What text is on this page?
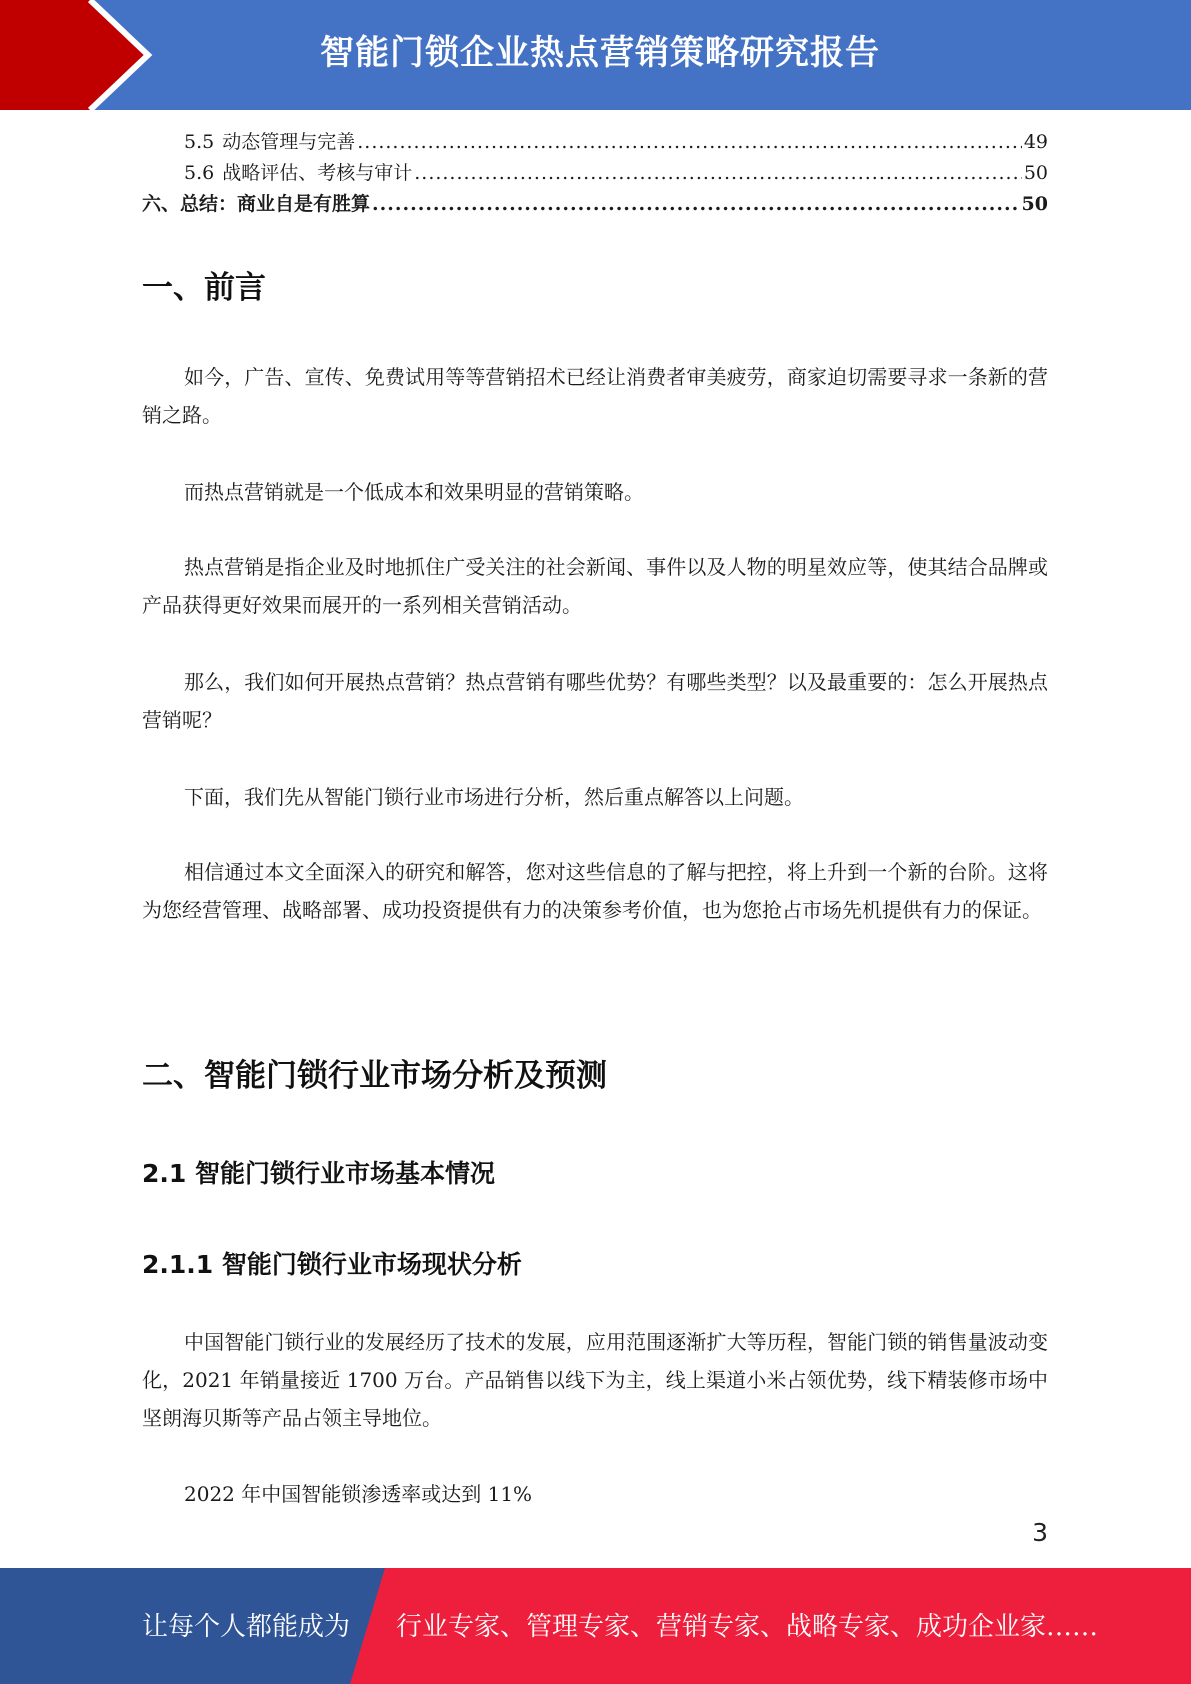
智能门锁企业热点营销策略研究报告
5.5 动态管理与完善 .....	49
5.6 战略评估、考核与审计 .....	50
六、总结：商业自是有胜算 .....	50
一、前言

如今，广告、宣传、免费试用等等营销招术已经让消费者审美疲劳，商家迫切需要寻求一条新的营销之路。

而热点营销就是一个低成本和效果明显的营销策略。

热点营销是指企业及时地抓住广受关注的社会新闻、事件以及人物的明星效应等，使其结合品牌或产品获得更好效果而展开的一系列相关营销活动。

那么，我们如何开展热点营销？热点营销有哪些优势？有哪些类型？以及最重要的：怎么开展热点营销呢？

下面，我们先从智能门锁行业市场进行分析，然后重点解答以上问题。

相信通过本文全面深入的研究和解答，您对这些信息的了解与把控，将上升到一个新的台阶。这将为您经营管理、战略部署、成功投资提供有力的决策参考价值，也为您抢占市场先机提供有力的保证。

二、智能门锁行业市场分析及预测
2.1 智能门锁行业市场基本情况
2.1.1 智能门锁行业市场现状分析

中国智能门锁行业的发展经历了技术的发展，应用范围逐渐扩大等历程，智能门锁的销售量波动变化，2021 年销量接近 1700 万台。产品销售以线下为主，线上渠道小米占领优势，线下精装修市场中坚朗海贝斯等产品占领主导地位。

2022 年中国智能锁渗透率或达到 11%

3
让每个人都能成为 行业专家、管理专家、营销专家、战略专家、成功企业家……
